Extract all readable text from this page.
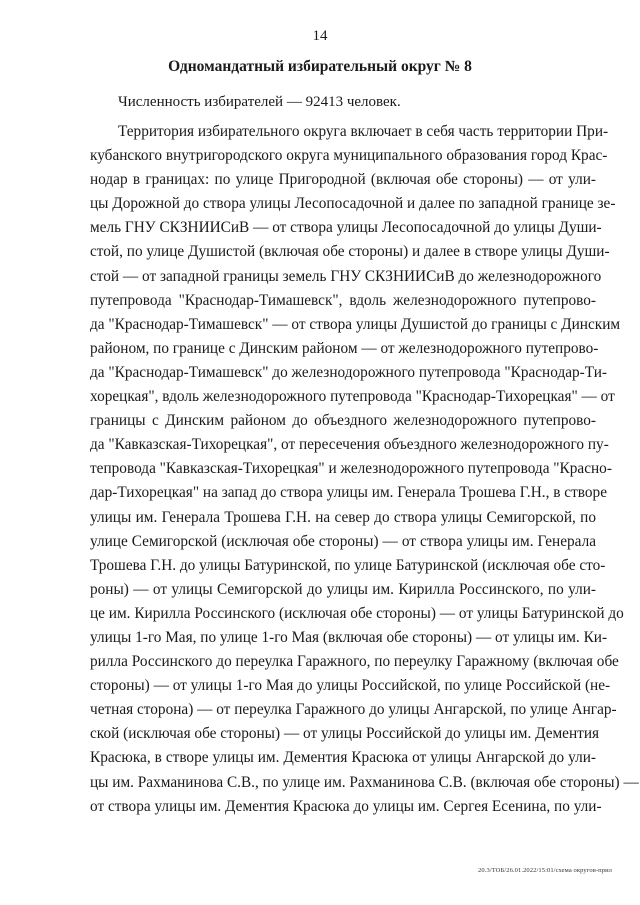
14
Одномандатный избирательный округ № 8
Численность избирателей — 92413 человек.
Территория избирательного округа включает в себя часть территории При-
кубанского внутригородского округа муниципального образования город Крас-
нодар в границах: по улице Пригородной (включая обе стороны) — от ули-
цы Дорожной до створа улицы Лесопосадочной и далее по западной границе зе-
мель ГНУ СКЗНИИСиВ — от створа улицы Лесопосадочной до улицы Души-
стой, по улице Душистой (включая обе стороны) и далее в створе улицы Души-
стой — от западной границы земель ГНУ СКЗНИИСиВ до железнодорожного
путепровода "Краснодар-Тимашевск", вдоль железнодорожного путепрово-
да "Краснодар-Тимашевск" — от створа улицы Душистой до границы с Динским
районом, по границе с Динским районом — от железнодорожного путепрово-
да "Краснодар-Тимашевск" до железнодорожного путепровода "Краснодар-Ти-
хорецкая", вдоль железнодорожного путепровода "Краснодар-Тихорецкая" — от
границы с Динским районом до объездного железнодорожного путепрово-
да "Кавказская-Тихорецкая", от пересечения объездного железнодорожного пу-
тепровода "Кавказская-Тихорецкая" и железнодорожного путепровода "Красно-
дар-Тихорецкая" на запад до створа улицы им. Генерала Трошева Г.Н., в створе
улицы им. Генерала Трошева Г.Н. на север до створа улицы Семигорской, по
улице Семигорской (исключая обе стороны) — от створа улицы им. Генерала
Трошева Г.Н. до улицы Батуринской, по улице Батуринской (исключая обе сто-
роны) — от улицы Семигорской до улицы им. Кирилла Россинского, по ули-
це им. Кирилла Россинского (исключая обе стороны) — от улицы Батуринской до
улицы 1-го Мая, по улице 1-го Мая (включая обе стороны) — от улицы им. Ки-
рилла Россинского до переулка Гаражного, по переулку Гаражному (включая обе
стороны) — от улицы 1-го Мая до улицы Российской, по улице Российской (не-
четная сторона) — от переулка Гаражного до улицы Ангарской, по улице Ангар-
ской (исключая обе стороны) — от улицы Российской до улицы им. Дементия
Красюка, в створе улицы им. Дементия Красюка от улицы Ангарской до ули-
цы им. Рахманинова С.В., по улице им. Рахманинова С.В. (включая обе стороны) —
от створа улицы им. Дементия Красюка до улицы им. Сергея Есенина, по ули-
20.3/ТОБ/26.01.2022/15:01/схема округов-прил
